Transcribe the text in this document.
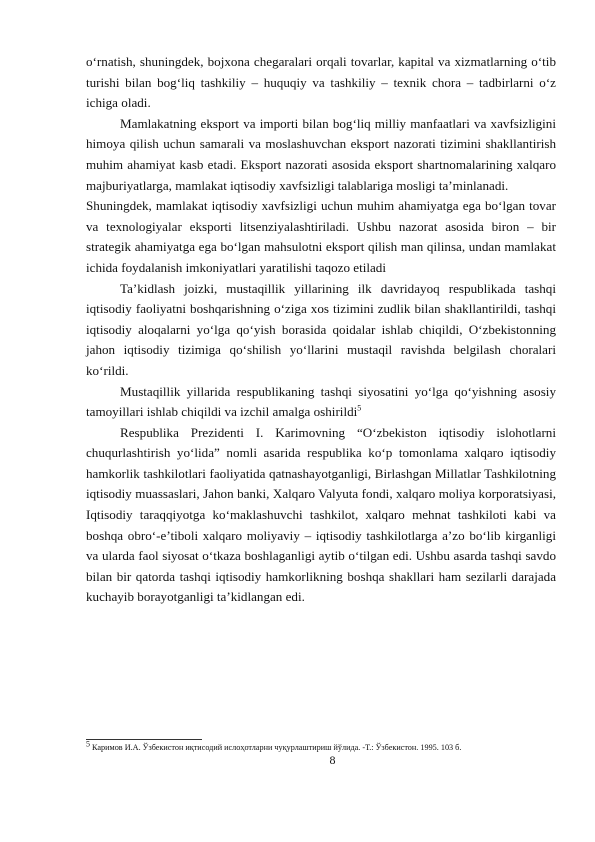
o‘rnatish, shuningdek, bojxona chegaralari orqali tovarlar, kapital va xizmatlarning o‘tib turishi bilan bog‘liq tashkiliy – huquqiy va tashkiliy – texnik chora – tadbirlarni o‘z ichiga oladi.

Mamlakatning eksport va importi bilan bog‘liq milliy manfaatlari va xavfsizligini himoya qilish uchun samarali va moslashuvchan eksport nazorati tizimini shakllantirish muhim ahamiyat kasb etadi. Eksport nazorati asosida eksport shartnomalarining xalqaro majburiyatlarga, mamlakat iqtisodiy xavfsizligi talablariga mosligi ta’minlanadi.

Shuningdek, mamlakat iqtisodiy xavfsizligi uchun muhim ahamiyatga ega bo‘lgan tovar va texnologiyalar eksporti litsenziyalashtiriladi. Ushbu nazorat asosida biron – bir strategik ahamiyatga ega bo‘lgan mahsulotni eksport qilish man qilinsa, undan mamlakat ichida foydalanish imkoniyatlari yaratilishi taqozo etiladi

Ta’kidlash joizki, mustaqillik yillarining ilk davridayoq respublikada tashqi iqtisodiy faoliyatni boshqarishning o‘ziga xos tizimini zudlik bilan shakllantirildi, tashqi iqtisodiy aloqalarni yo‘lga qo‘yish borasida qoidalar ishlab chiqildi, O‘zbekistonning jahon iqtisodiy tizimiga qo‘shilish yo‘llarini mustaqil ravishda belgilash choralari ko‘rildi.

Mustaqillik yillarida respublikaning tashqi siyosatini yo‘lga qo‘yishning asosiy tamoyillari ishlab chiqildi va izchil amalga oshirildi$^5$

Respublika Prezidenti I. Karimovning “O‘zbekiston iqtisodiy islohotlarni chuqurlashtirish yo‘lida” nomli asarida respublika ko‘p tomonlama xalqaro iqtisodiy hamkorlik tashkilotlari faoliyatida qatnashayotganligi, Birlashgan Millatlar Tashkilotning iqtisodiy muassaslari, Jahon banki, Xalqaro Valyuta fondi, xalqaro moliya korporatsiyasi, Iqtisodiy taraqqiyotga ko‘maklashuvchi tashkilot, xalqaro mehnat tashkiloti kabi va boshqa obro‘-e’tiboli xalqaro moliyaviy – iqtisodiy tashkilotlarga a’zo bo‘lib kirganligi va ularda faol siyosat o‘tkaza boshlaganligi aytib o‘tilgan edi. Ushbu asarda tashqi savdo bilan bir qatorda tashqi iqtisodiy hamkorlikning boshqa shakllari ham sezilarli darajada kuchayib borayotganligi ta’kidlangan edi.

$^5$ Каримов И.А. Ўзбекистон иқтисодий ислоҳотларни чуқурлаштириш йўлида. -Т.: Ўзбекистон. 1995. 103 б.
8
